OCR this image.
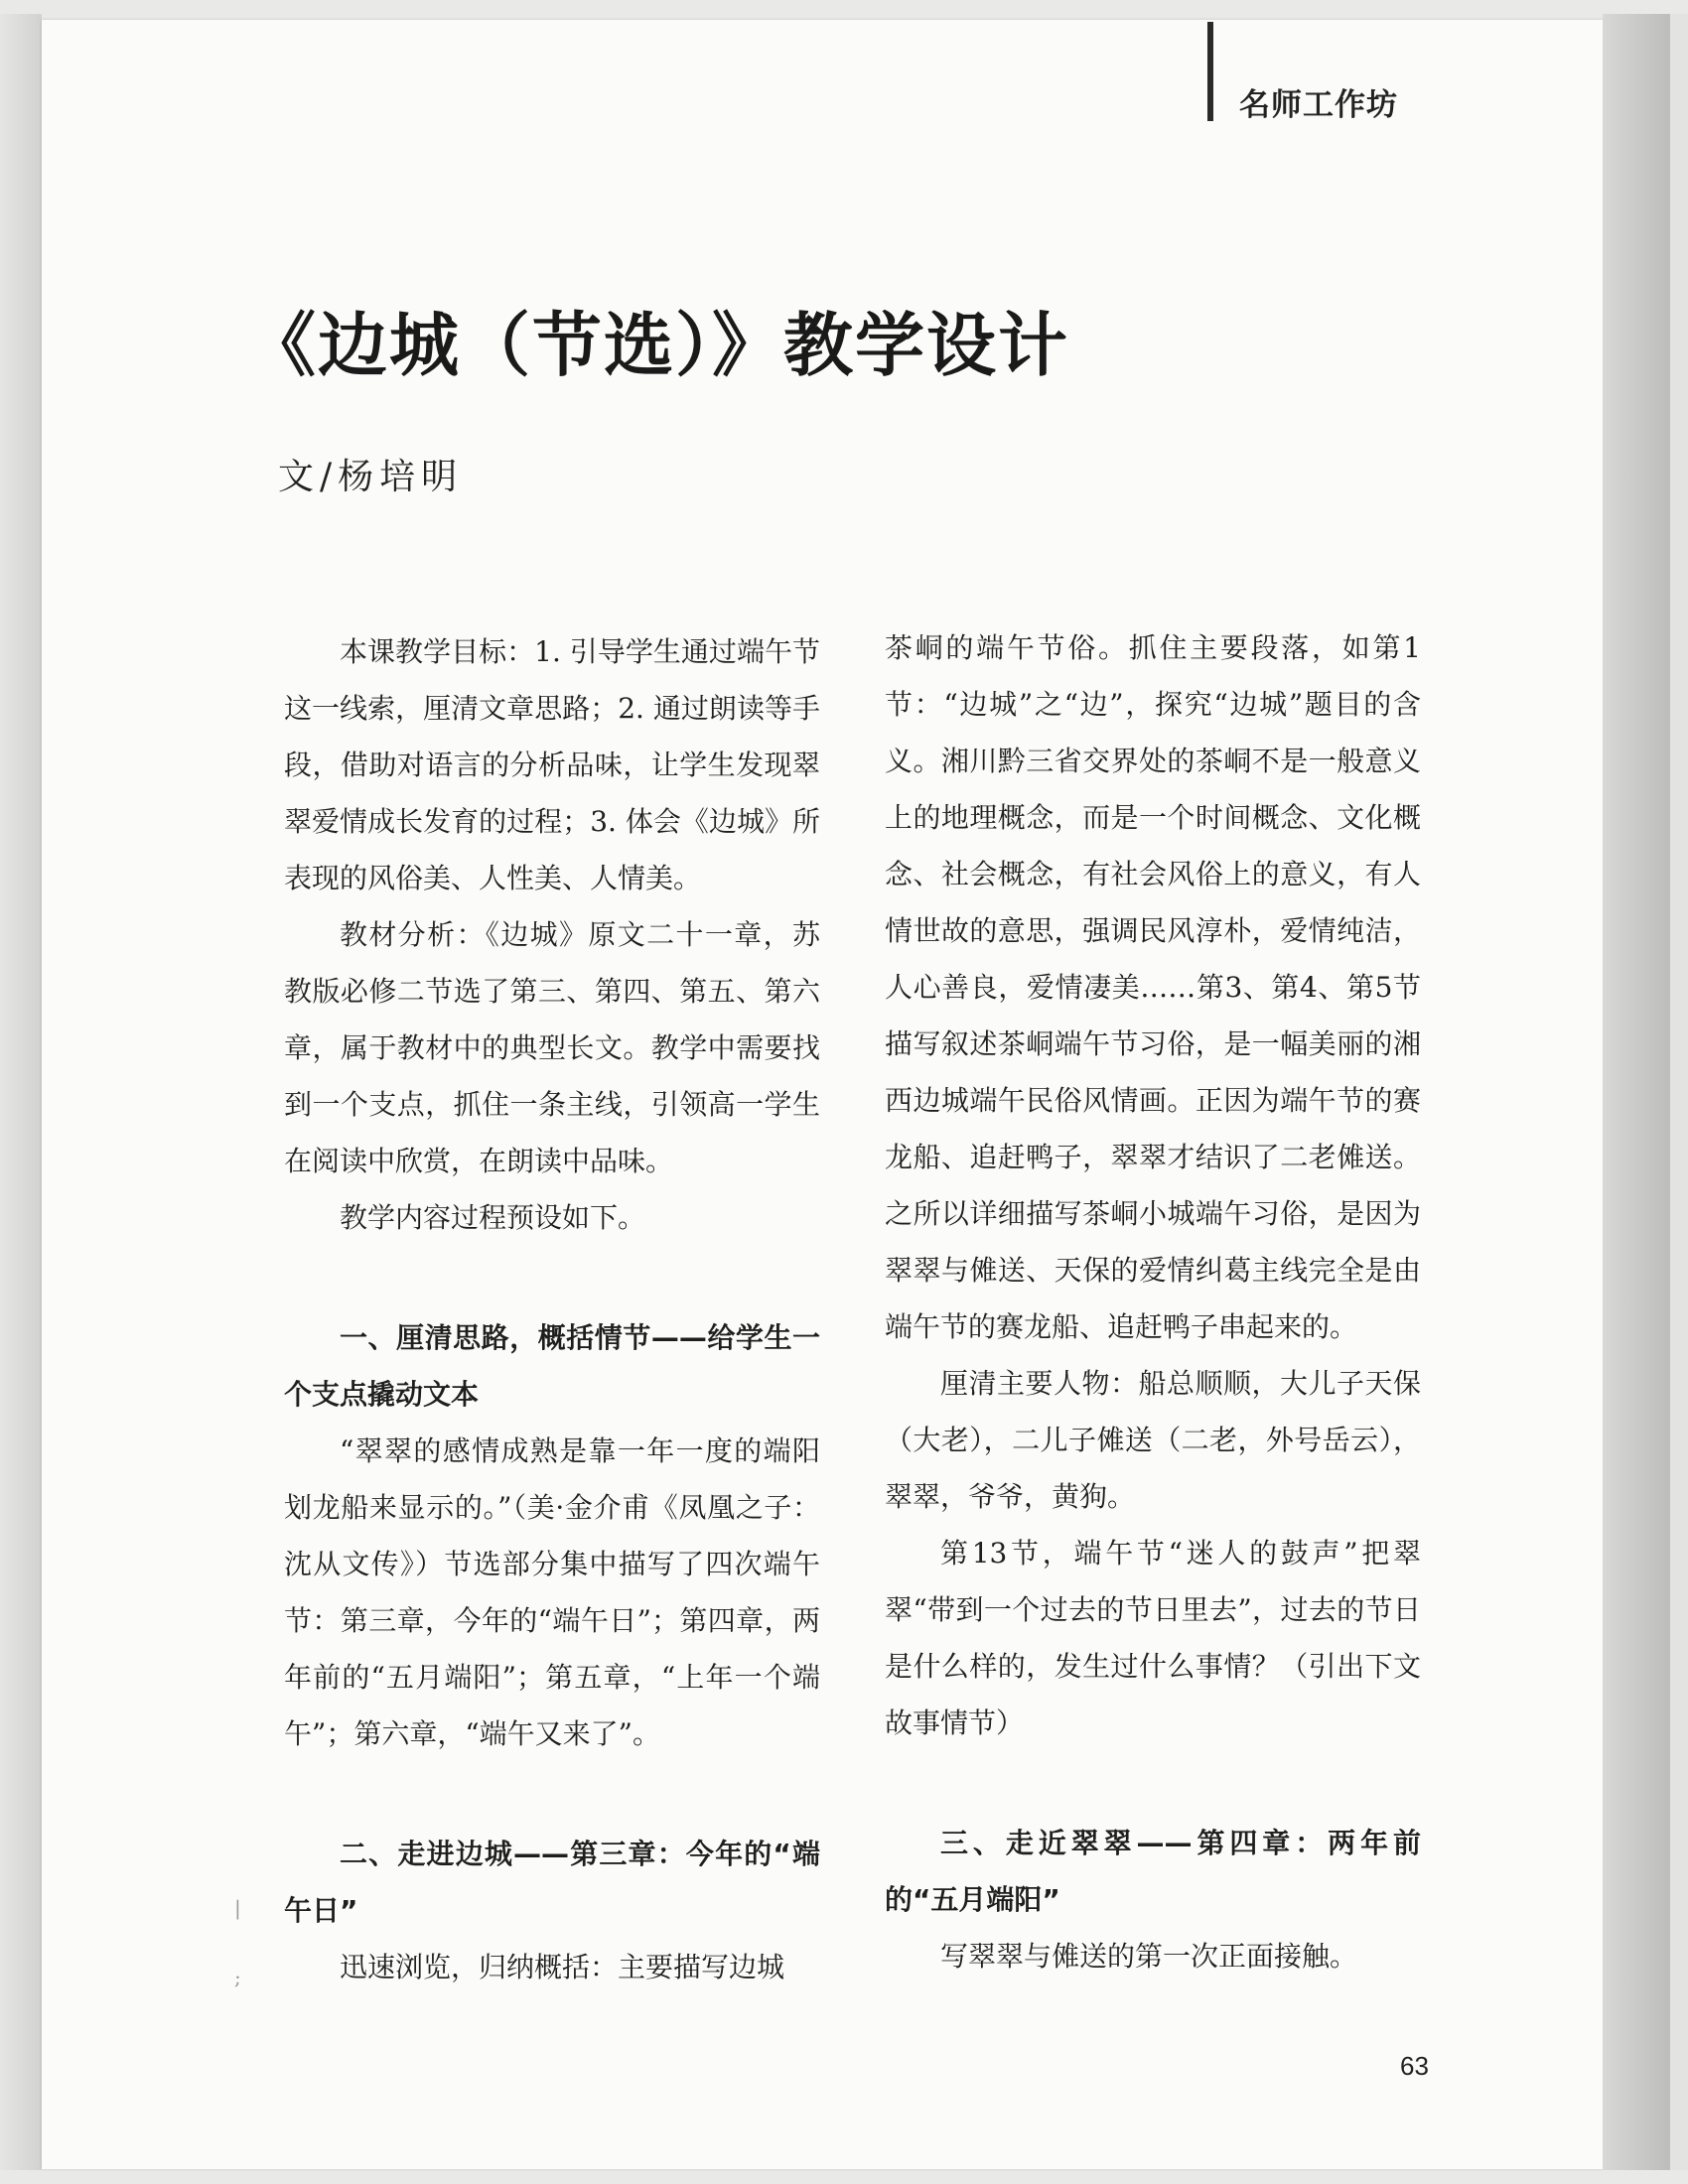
名师工作坊
《边城（节选）》教学设计
文/杨培明

本课教学目标：1. 引导学生通过端午节这一线索，厘清文章思路；2. 通过朗读等手段，借助对语言的分析品味，让学生发现翠翠爱情成长发育的过程；3. 体会《边城》所表现的风俗美、人性美、人情美。

教材分析：《边城》原文二十一章，苏教版必修二节选了第三、第四、第五、第六章，属于教材中的典型长文。教学中需要找到一个支点，抓住一条主线，引领高一学生在阅读中欣赏，在朗读中品味。

教学内容过程预设如下。

一、厘清思路，概括情节——给学生一个支点撬动文本

“翠翠的感情成熟是靠一年一度的端阳划龙船来显示的。”（美·金介甫《凤凰之子：沈从文传》）节选部分集中描写了四次端午节：第三章，今年的“端午日”；第四章，两年前的“五月端阳”；第五章，“上年一个端午”；第六章，“端午又来了”。

二、走进边城——第三章：今年的“端午日”

迅速浏览，归纳概括：主要描写边城

茶峒的端午节俗。抓住主要段落，如第1节：“边城”之“边”，探究“边城”题目的含义。湘川黔三省交界处的茶峒不是一般意义上的地理概念，而是一个时间概念、文化概念、社会概念，有社会风俗上的意义，有人情世故的意思，强调民风淳朴，爱情纯洁，人心善良，爱情凄美……第3、第4、第5节描写叙述茶峒端午节习俗，是一幅美丽的湘西边城端午民俗风情画。正因为端午节的赛龙船、追赶鸭子，翠翠才结识了二老傩送。之所以详细描写茶峒小城端午习俗，是因为翠翠与傩送、天保的爱情纠葛主线完全是由端午节的赛龙船、追赶鸭子串起来的。

厘清主要人物：船总顺顺，大儿子天保（大老），二儿子傩送（二老，外号岳云），翠翠，爷爷，黄狗。

第13节，端午节“迷人的鼓声”把翠翠“带到一个过去的节日里去”，过去的节日是什么样的，发生过什么事情？（引出下文故事情节）

三、走近翠翠——第四章：两年前的“五月端阳”

写翠翠与傩送的第一次正面接触。

63
|
;
